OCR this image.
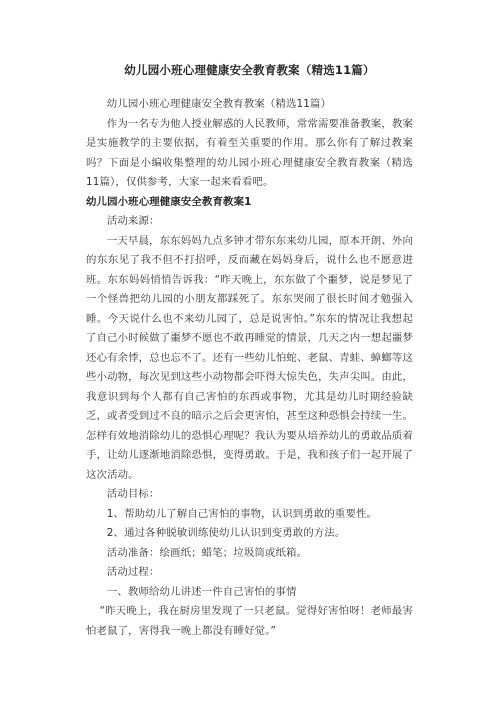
幼儿园小班心理健康安全教育教案（精选11篇）

幼儿园小班心理健康安全教育教案（精选11篇）

作为一名专为他人授业解惑的人民教师，常常需要准备教案，教案是实施教学的主要依据，有着至关重要的作用。那么你有了解过教案吗？下面是小编收集整理的幼儿园小班心理健康安全教育教案（精选11篇），仅供参考，大家一起来看看吧。

幼儿园小班心理健康安全教育教案1

活动来源：

一天早晨，东东妈妈九点多钟才带东东来幼儿园，原本开朗、外向的东东见了我不但不打招呼，反而藏在妈妈身后，说什么也不愿意进班。东东妈妈悄悄告诉我：“昨天晚上，东东做了个噩梦，说是梦见了一个怪兽把幼儿园的小朋友都踩死了。东东哭闹了很长时间才勉强入睡。今天说什么也不来幼儿园了，总是说害怕。”东东的情况让我想起了自己小时候做了噩梦不愿也不敢再睡觉的情景，几天之内一想起噩梦还心有余悸，总也忘不了。还有一些幼儿怕蛇、老鼠、青蛙、蟑螂等这些小动物，每次见到这些小动物都会吓得大惊失色，失声尖叫。由此，我意识到每个人都有自己害怕的东西或事物，尤其是幼儿时期经验缺乏，或者受到过不良的暗示之后会更害怕，甚至这种恐惧会持续一生。怎样有效地消除幼儿的恐惧心理呢？我认为要从培养幼儿的勇敢品质着手，让幼儿逐渐地消除恐惧，变得勇敢。于是，我和孩子们一起开展了这次活动。

活动目标：

1、帮助幼儿了解自己害怕的事物，认识到勇敢的重要性。

2、通过各种脱敏训练使幼儿认识到变勇敢的方法。

活动准备：绘画纸；蜡笔；垃圾筒或纸箱。

活动过程：

一、教师给幼儿讲述一件自己害怕的事情

“昨天晚上，我在厨房里发现了一只老鼠。觉得好害怕呀！老师最害怕老鼠了，害得我一晚上都没有睡好觉。”
